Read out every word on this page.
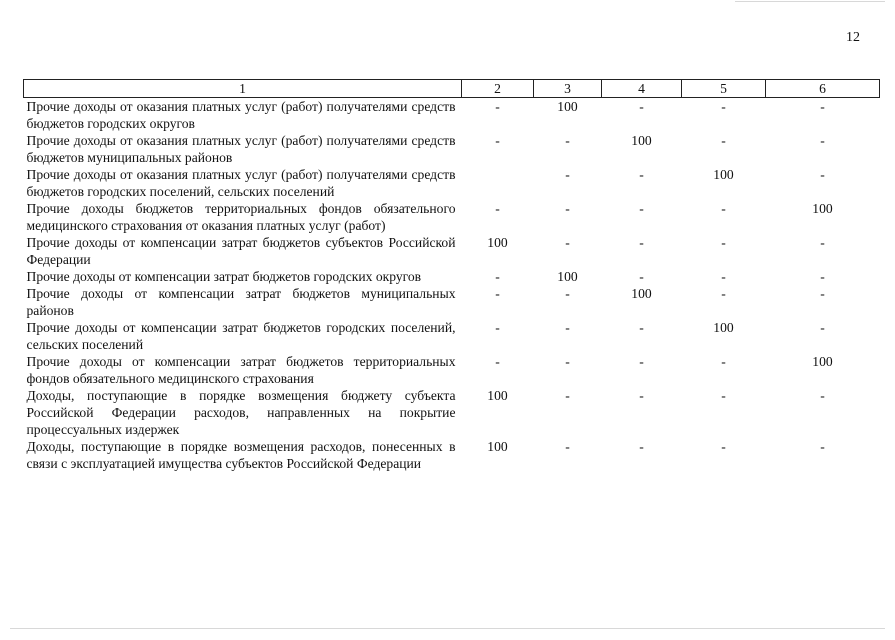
12
1	2	3	4	5	6
Прочие доходы от оказания платных услуг (работ) получателями средств бюджетов городских округов	-	100	-	-	-
Прочие доходы от оказания платных услуг (работ) получателями средств бюджетов муниципальных районов	-	-	100	-	-
Прочие доходы от оказания платных услуг (работ) получателями средств бюджетов городских поселений, сельских поселений		-	-	100	-
Прочие доходы бюджетов территориальных фондов обязательного медицинского страхования от оказания платных услуг (работ)	-	-	-	-	100
Прочие доходы от компенсации затрат бюджетов субъектов Российской Федерации	100	-	-	-	-
Прочие доходы от компенсации затрат бюджетов городских округов	-	100	-	-	-
Прочие доходы от компенсации затрат бюджетов муниципальных районов	-	-	100	-	-
Прочие доходы от компенсации затрат бюджетов городских поселений, сельских поселений	-	-	-	100	-
Прочие доходы от компенсации затрат бюджетов территориальных фондов обязательного медицинского страхования	-	-	-	-	100
Доходы, поступающие в порядке возмещения бюджету субъекта Российской Федерации расходов, направленных на покрытие процессуальных издержек	100	-	-	-	-
Доходы, поступающие в порядке возмещения расходов, понесенных в связи с эксплуатацией имущества субъектов Российской Федерации	100	-	-	-	-
